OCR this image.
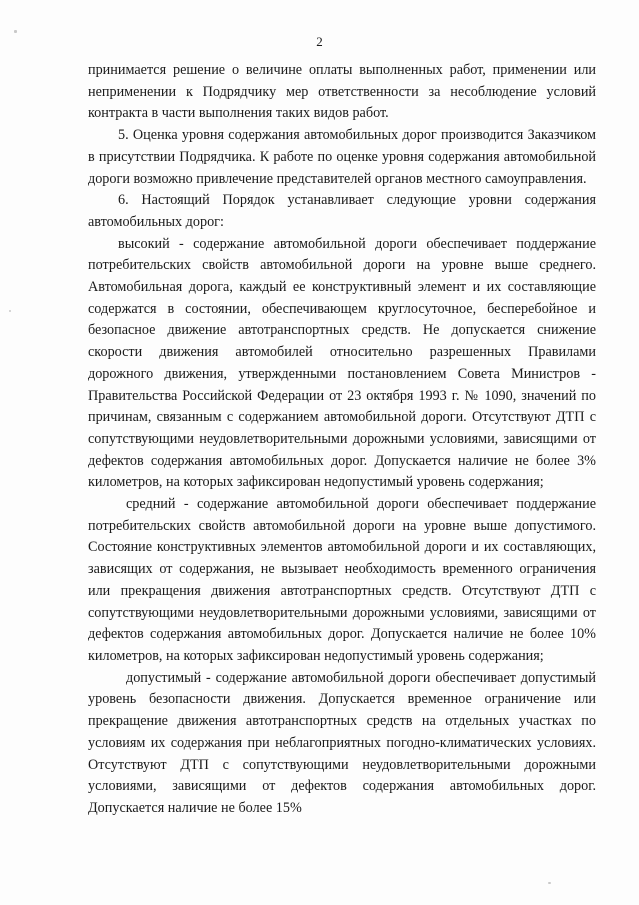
2

принимается решение о величине оплаты выполненных работ, применении или неприменении к Подрядчику мер ответственности за несоблюдение условий контракта в части выполнения таких видов работ.

5. Оценка уровня содержания автомобильных дорог производится Заказчиком в присутствии Подрядчика. К работе по оценке уровня содержания автомобильной дороги возможно привлечение представителей органов местного самоуправления.

6. Настоящий Порядок устанавливает следующие уровни содержания автомобильных дорог:

высокий - содержание автомобильной дороги обеспечивает поддержание потребительских свойств автомобильной дороги на уровне выше среднего. Автомобильная дорога, каждый ее конструктивный элемент и их составляющие содержатся в состоянии, обеспечивающем круглосуточное, бесперебойное и безопасное движение автотранспортных средств. Не допускается снижение скорости движения автомобилей относительно разрешенных Правилами дорожного движения, утвержденными постановлением Совета Министров - Правительства Российской Федерации от 23 октября 1993 г. № 1090, значений по причинам, связанным с содержанием автомобильной дороги. Отсутствуют ДТП с сопутствующими неудовлетворительными дорожными условиями, зависящими от дефектов содержания автомобильных дорог. Допускается наличие не более 3% километров, на которых зафиксирован недопустимый уровень содержания;

средний - содержание автомобильной дороги обеспечивает поддержание потребительских свойств автомобильной дороги на уровне выше допустимого. Состояние конструктивных элементов автомобильной дороги и их составляющих, зависящих от содержания, не вызывает необходимость временного ограничения или прекращения движения автотранспортных средств. Отсутствуют ДТП с сопутствующими неудовлетворительными дорожными условиями, зависящими от дефектов содержания автомобильных дорог. Допускается наличие не более 10% километров, на которых зафиксирован недопустимый уровень содержания;

допустимый - содержание автомобильной дороги обеспечивает допустимый уровень безопасности движения. Допускается временное ограничение или прекращение движения автотранспортных средств на отдельных участках по условиям их содержания при неблагоприятных погодно-климатических условиях. Отсутствуют ДТП с сопутствующими неудовлетворительными дорожными условиями, зависящими от дефектов содержания автомобильных дорог. Допускается наличие не более 15%
